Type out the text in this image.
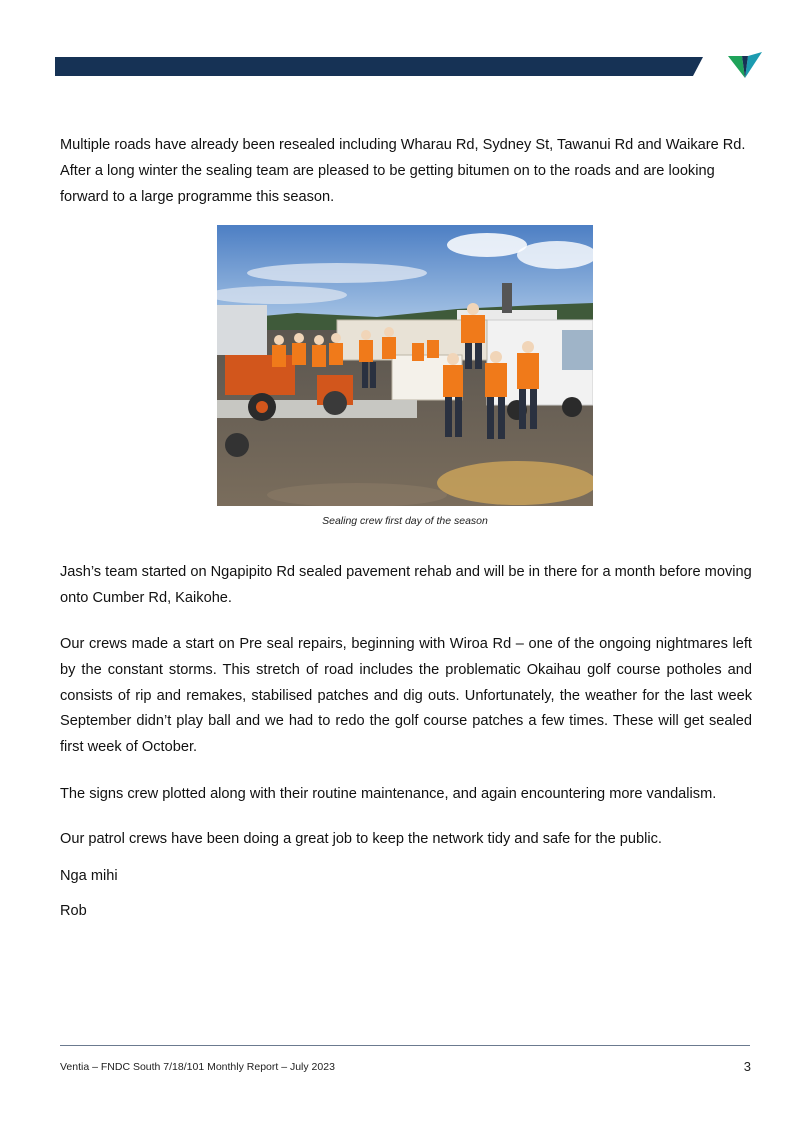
Multiple roads have already been resealed including Wharau Rd, Sydney St, Tawanui Rd and Waikare Rd. After a long winter the sealing team are pleased to be getting bitumen on to the roads and are looking forward to a large programme this season.

Sealing crew first day of the season

Jash’s team started on Ngapipito Rd sealed pavement rehab and will be in there for a month before moving onto Cumber Rd, Kaikohe.

Our crews made a start on Pre seal repairs, beginning with Wiroa Rd – one of the ongoing nightmares left by the constant storms. This stretch of road includes the problematic Okaihau golf course potholes and consists of rip and remakes, stabilised patches and dig outs. Unfortunately, the weather for the last week September didn’t play ball and we had to redo the golf course patches a few times. These will get sealed first week of October.

The signs crew plotted along with their routine maintenance, and again encountering more vandalism.

Our patrol crews have been doing a great job to keep the network tidy and safe for the public.

Nga mihi

Rob

Ventia – FNDC South 7/18/101 Monthly Report – July 2023	3
